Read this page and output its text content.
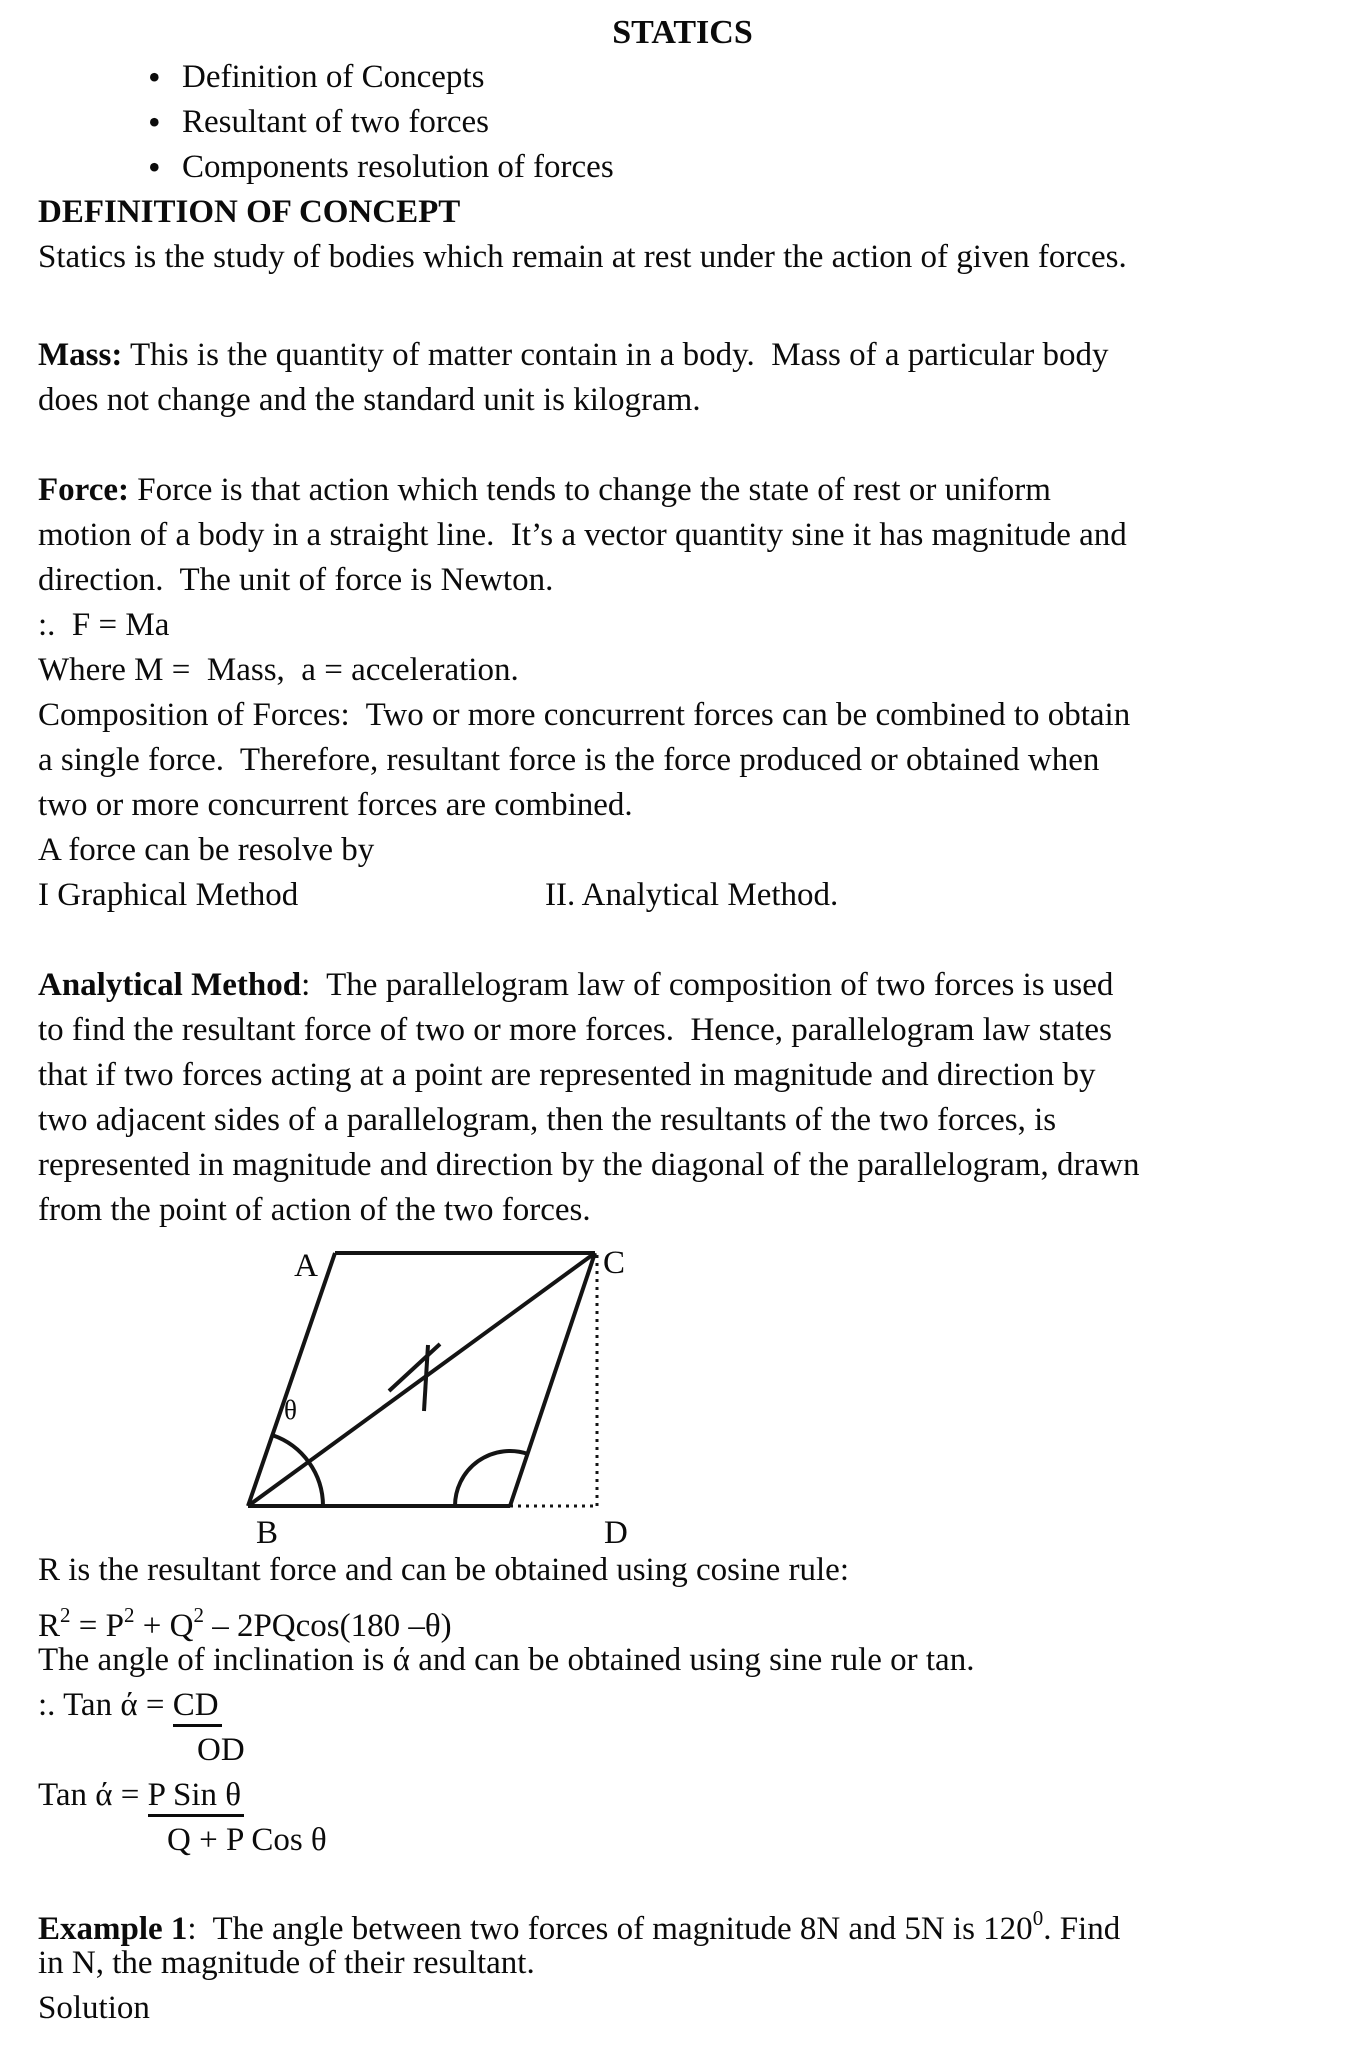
STATICS
• Definition of Concepts
• Resultant of two forces
• Components resolution of forces
DEFINITION OF CONCEPT
Statics is the study of bodies which remain at rest under the action of given forces.
Mass: This is the quantity of matter contain in a body.  Mass of a particular body
does not change and the standard unit is kilogram.
Force: Force is that action which tends to change the state of rest or uniform
motion of a body in a straight line.  It’s a vector quantity sine it has magnitude and
direction.  The unit of force is Newton.
:.  F = Ma
Where M =  Mass,  a = acceleration.
Composition of Forces:  Two or more concurrent forces can be combined to obtain
a single force.  Therefore, resultant force is the force produced or obtained when
two or more concurrent forces are combined.
A force can be resolve by
I Graphical Method	II. Analytical Method.
Analytical Method:  The parallelogram law of composition of two forces is used
to find the resultant force of two or more forces.  Hence, parallelogram law states
that if two forces acting at a point are represented in magnitude and direction by
two adjacent sides of a parallelogram, then the resultants of the two forces, is
represented in magnitude and direction by the diagonal of the parallelogram, drawn
from the point of action of the two forces.
A	C
B	D
θ
R is the resultant force and can be obtained using cosine rule:
$R^2 = P^2 + Q^2 - 2PQcos(180$ –θ)
The angle of inclination is ά and can be obtained using sine rule or tan.
:. Tan ά = CD
OD
Tan ά = P Sin θ
Q + P Cos θ
Example 1:  The angle between two forces of magnitude 8N and 5N is $120^0$. Find
in N, the magnitude of their resultant.
Solution
